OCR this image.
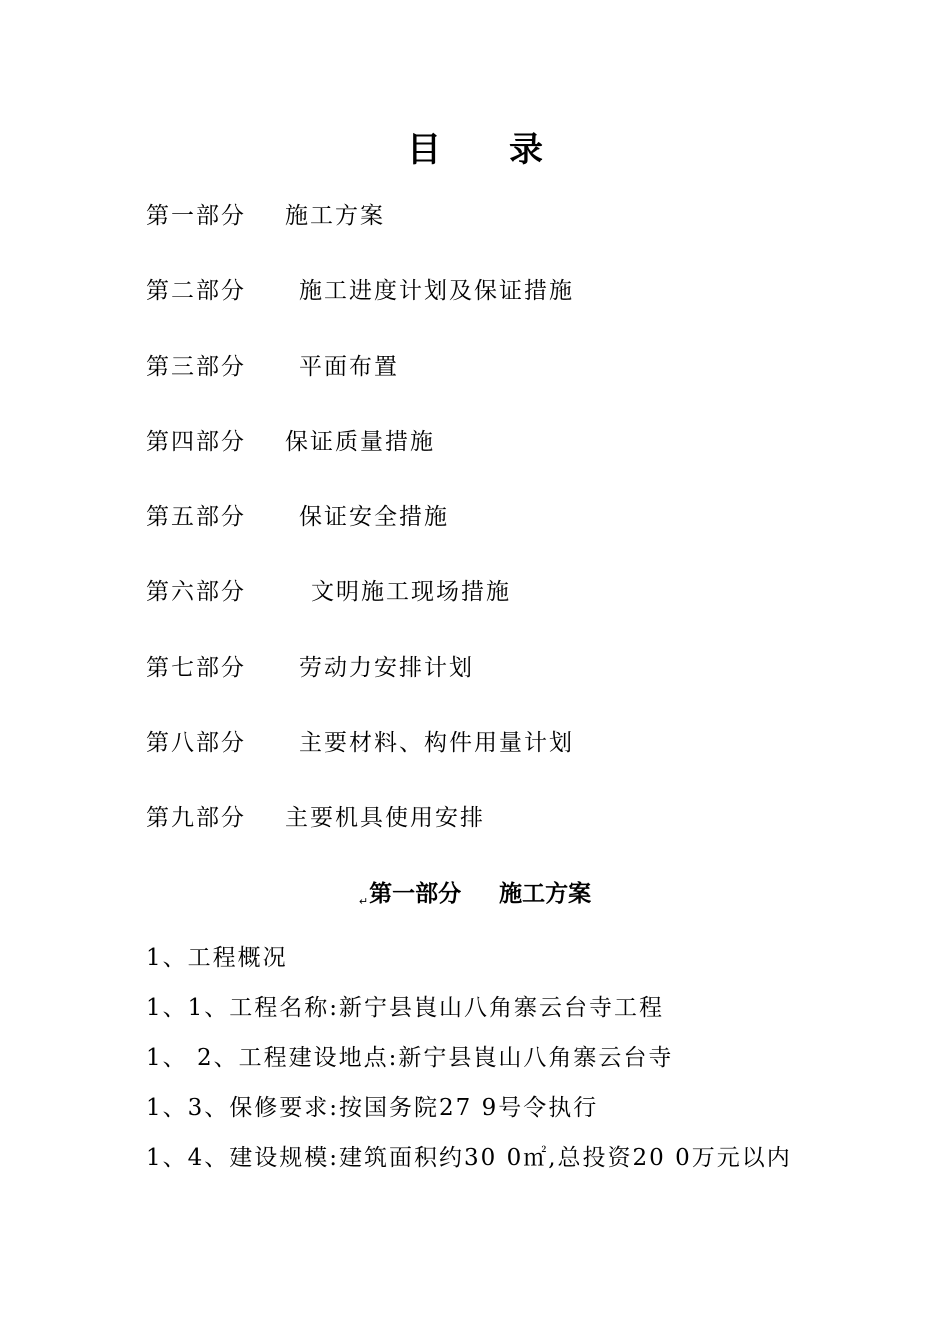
目　　录
第一部分	施工方案
第二部分	施工进度计划及保证措施
第三部分	平面布置
第四部分	保证质量措施
第五部分	保证安全措施
第六部分	文明施工现场措施
第七部分	劳动力安排计划
第八部分	主要材料、构件用量计划
第九部分	主要机具使用安排
↵第一部分 施工方案
1、工程概况
1、1、工程名称:新宁县崀山八角寨云台寺工程
1、 2、工程建设地点:新宁县崀山八角寨云台寺
1、3、保修要求:按国务院27 9号令执行
1、4、建设规模:建筑面积约30 0㎡,总投资20 0万元以内
